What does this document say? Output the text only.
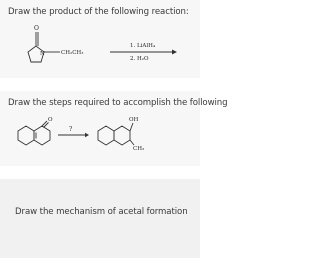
Draw the product of the following reaction:
O
N	CH₂CH₃
1. LiAlH₄
2. H₂O
Draw the steps required to accomplish the following
O
?
OH
CH₃
Draw the mechanism of acetal formation
